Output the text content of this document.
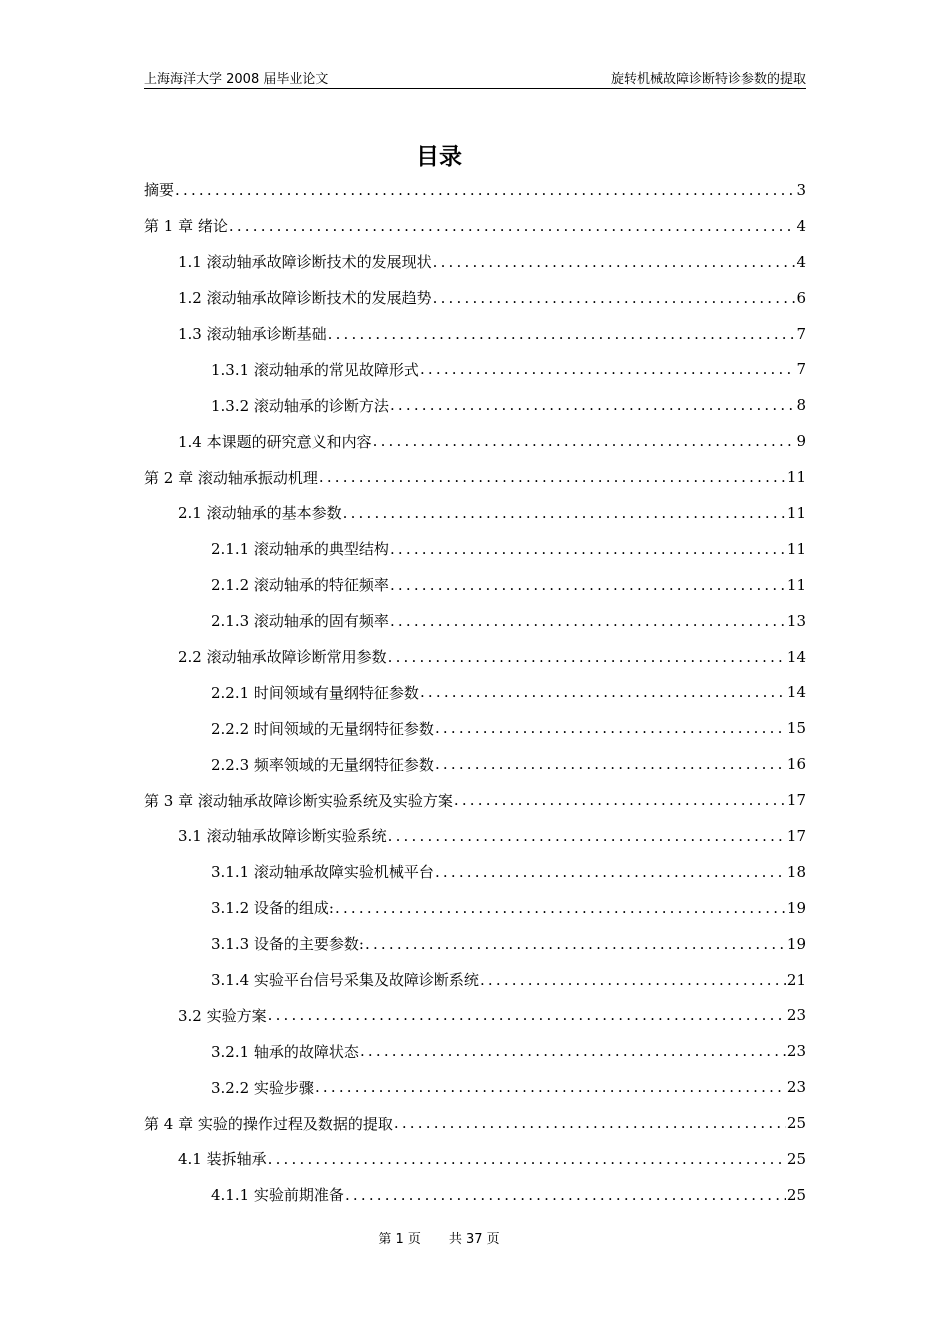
上海海洋大学 2008 届毕业论文	旋转机械故障诊断特诊参数的提取
目录
摘要 .....	3
第 1 章 绪论 .....	4
1.1 滚动轴承故障诊断技术的发展现状 .....	4
1.2 滚动轴承故障诊断技术的发展趋势 .....	6
1.3 滚动轴承诊断基础 .....	7
1.3.1 滚动轴承的常见故障形式 .....	7
1.3.2 滚动轴承的诊断方法 .....	8
1.4 本课题的研究意义和内容 .....	9
第 2 章 滚动轴承振动机理 .....	11
2.1 滚动轴承的基本参数 .....	11
2.1.1 滚动轴承的典型结构 .....	11
2.1.2 滚动轴承的特征频率 .....	11
2.1.3 滚动轴承的固有频率 .....	13
2.2 滚动轴承故障诊断常用参数 .....	14
2.2.1 时间领域有量纲特征参数 .....	14
2.2.2 时间领域的无量纲特征参数 .....	15
2.2.3 频率领域的无量纲特征参数 .....	16
第 3 章 滚动轴承故障诊断实验系统及实验方案 .....	17
3.1 滚动轴承故障诊断实验系统 .....	17
3.1.1 滚动轴承故障实验机械平台 .....	18
3.1.2 设备的组成: .....	19
3.1.3 设备的主要参数: .....	19
3.1.4 实验平台信号采集及故障诊断系统 .....	21
3.2 实验方案 .....	23
3.2.1 轴承的故障状态 .....	23
3.2.2 实验步骤 .....	23
第 4 章 实验的操作过程及数据的提取 .....	25
4.1 装拆轴承 .....	25
4.1.1 实验前期准备 .....	25
第 1 页 共 37 页
